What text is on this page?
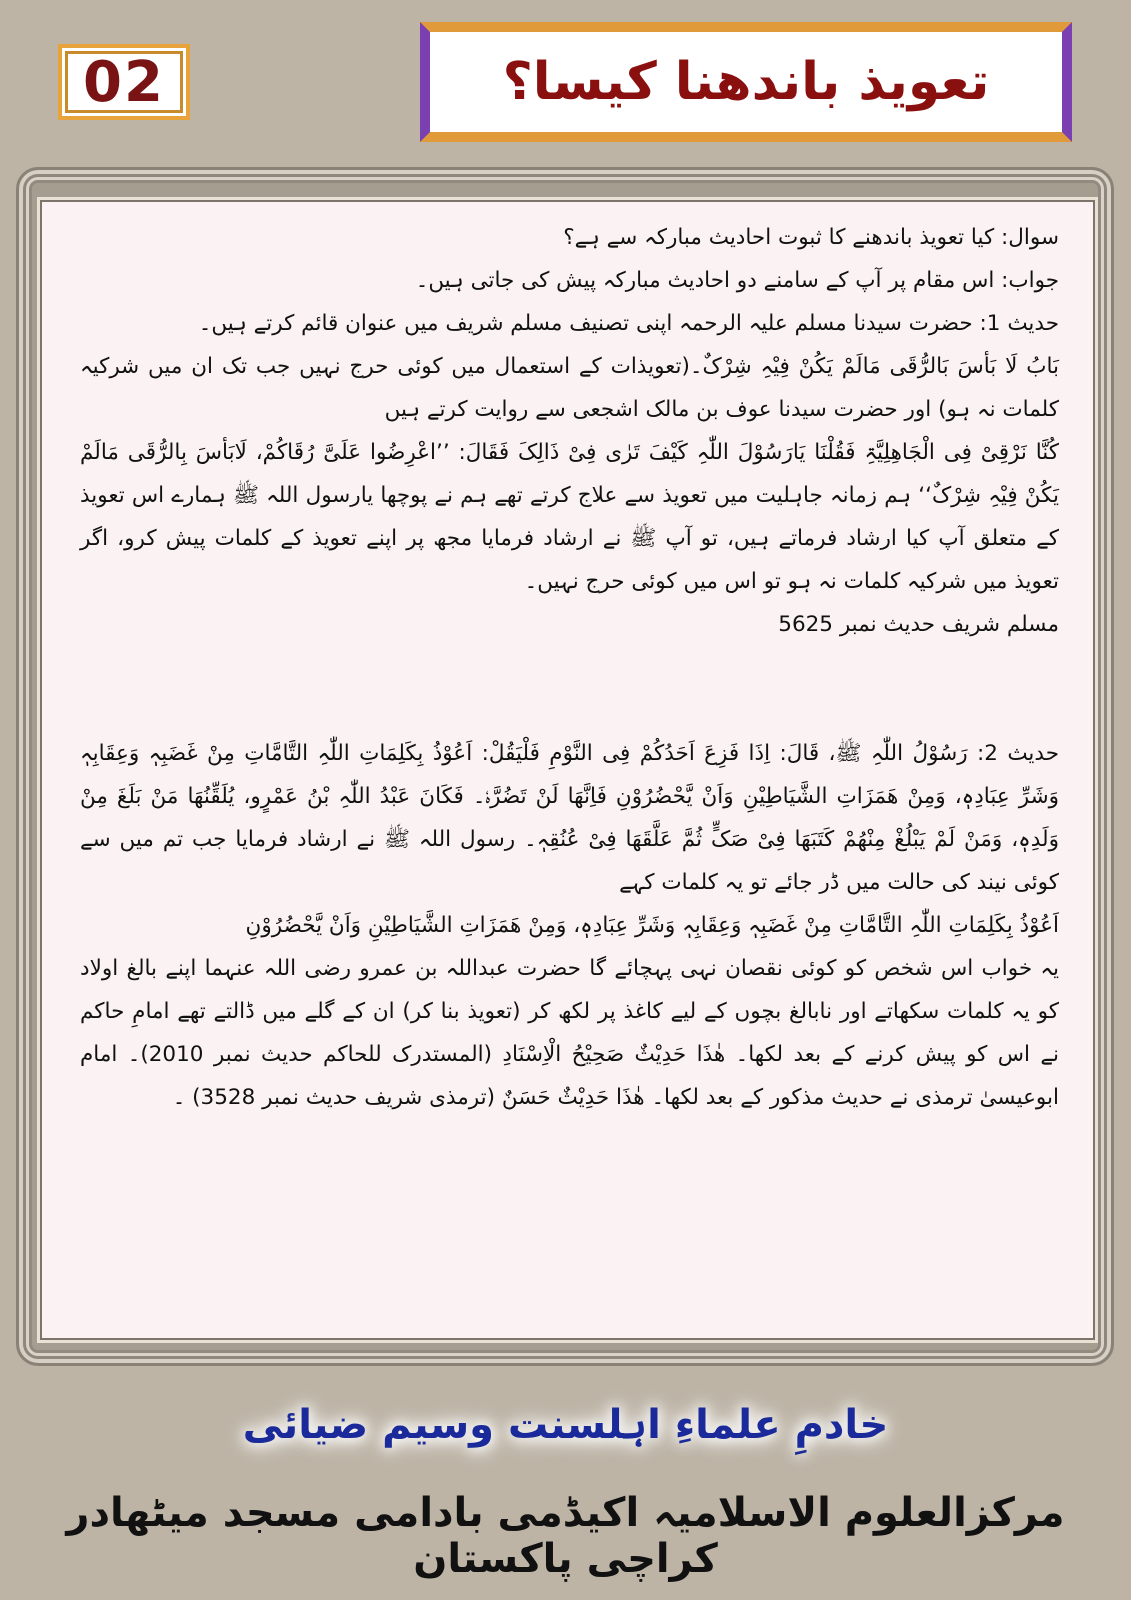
02	تعویذ باندھنا کیسا؟

سوال: کیا تعویذ باندھنے کا ثبوت احادیث مبارکہ سے ہے؟

جواب: اس مقام پر آپ کے سامنے دو احادیث مبارکہ پیش کی جاتی ہیں۔

حدیث 1: حضرت سیدنا مسلم علیہ الرحمہ اپنی تصنیف مسلم شریف میں عنوان قائم کرتے ہیں۔

بَابُ لَا بَأسَ بَالرُّقَی مَالَمْ یَکُنْ فِیْہِ شِرْکٌ۔(تعویذات کے استعمال میں کوئی حرج نہیں جب تک ان میں شرکیہ کلمات نہ ہو) اور حضرت سیدنا عوف بن مالک اشجعی سے روایت کرتے ہیں

کُنَّا نَرْقِیْ فِی الْجَاھِلِیَّۃِ فَقُلْنَا یَارَسُوْلَ اللّٰہِ کَیْفَ تَرٰی فِیْ ذَالِکَ فَقَالَ: ’’اعْرِضُوا عَلَیَّ رُقَاکُمْ، لَابَأسَ بِالرُّقَی مَالَمْ یَکُنْ فِیْہِ شِرْکٌ‘‘ ہم زمانہ جاہلیت میں تعویذ سے علاج کرتے تھے ہم نے پوچھا یارسول اللہ ﷺ ہمارے اس تعویذ کے متعلق آپ کیا ارشاد فرماتے ہیں، تو آپ ﷺ نے ارشاد فرمایا مجھ پر اپنے تعویذ کے کلمات پیش کرو، اگر تعویذ میں شرکیہ کلمات نہ ہو تو اس میں کوئی حرج نہیں۔

مسلم شریف حدیث نمبر 5625

حدیث 2: رَسُوْلُ اللّٰہِ ﷺ، قَالَ: اِذَا فَزِعَ اَحَدُکُمْ فِی النَّوْمِ فَلْیَقُلْ: اَعُوْذُ بِکَلِمَاتِ اللّٰہِ التَّامَّاتِ مِنْ غَضَبِہٖ وَعِقَابِہٖ وَشَرِّ عِبَادِہٖ، وَمِنْ ھَمَزَاتِ الشَّیَاطِیْنِ وَاَنْ یَّحْضُرُوْنِ فَاِنَّھَا لَنْ تَضُرَّہٗ۔ فَکَانَ عَبْدُ اللّٰہِ بْنُ عَمْرٍو، یُلَقِّنُھَا مَنْ بَلَغَ مِنْ وَلَدِہٖ، وَمَنْ لَمْ یَبْلُغْ مِنْھُمْ کَتَبَھَا فِیْ صَکٍّ ثُمَّ عَلَّقَھَا فِیْ عُنُقِہٖ۔ رسول اللہ ﷺ نے ارشاد فرمایا جب تم میں سے کوئی نیند کی حالت میں ڈر جائے تو یہ کلمات کہے

اَعُوْذُ بِکَلِمَاتِ اللّٰہِ التَّامَّاتِ مِنْ غَضَبِہٖ وَعِقَابِہٖ وَشَرِّ عِبَادِہٖ، وَمِنْ ھَمَزَاتِ الشَّیَاطِیْنِ وَاَنْ یَّحْضُرُوْنِ

یہ خواب اس شخص کو کوئی نقصان نہی پہچائے گا حضرت عبداللہ بن عمرو رضی اللہ عنہما اپنے بالغ اولاد کو یہ کلمات سکھاتے اور نابالغ بچوں کے لیے کاغذ پر لکھ کر (تعویذ بنا کر) ان کے گلے میں ڈالتے تھے امامِ حاکم نے اس کو پیش کرنے کے بعد لکھا۔ ھٰذَا حَدِیْثٌ صَحِیْحُ الْاِسْنَادِ (المستدرک للحاکم حدیث نمبر 2010)۔ امام ابوعیسیٰ ترمذی نے حدیث مذکور کے بعد لکھا۔ ھٰذَا حَدِیْثٌ حَسَنٌ (ترمذی شریف حدیث نمبر 3528) ۔

خادمِ علماءِ اہلسنت وسیم ضیائی
مرکزالعلوم الاسلامیہ اکیڈمی بادامی مسجد میٹھادر کراچی پاکستان
